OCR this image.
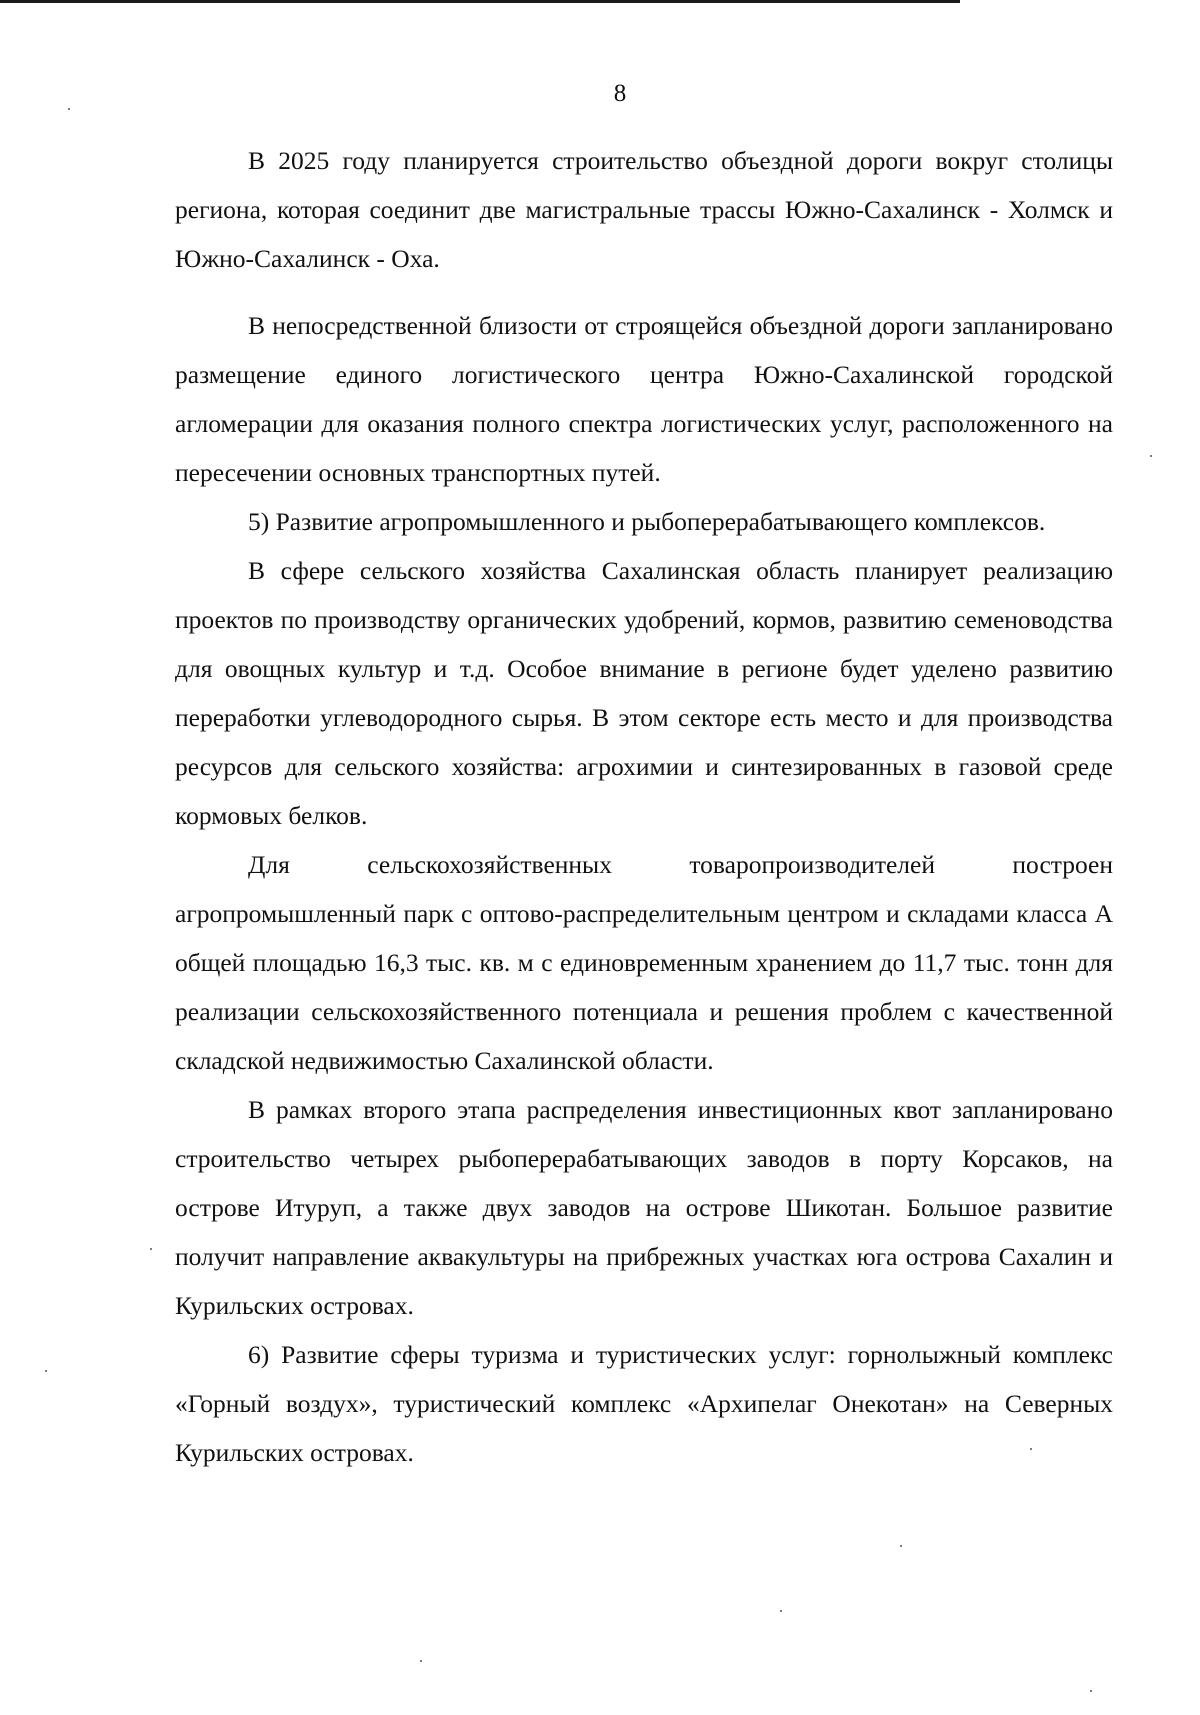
8

В 2025 году планируется строительство объездной дороги вокруг столицы региона, которая соединит две магистральные трассы Южно-Сахалинск - Холмск и Южно-Сахалинск - Оха.

В непосредственной близости от строящейся объездной дороги запланировано размещение единого логистического центра Южно-Сахалинской городской агломерации для оказания полного спектра логистических услуг, расположенного на пересечении основных транспортных путей.

5) Развитие агропромышленного и рыбоперерабатывающего комплексов.

В сфере сельского хозяйства Сахалинская область планирует реализацию проектов по производству органических удобрений, кормов, развитию семеноводства для овощных культур и т.д. Особое внимание в регионе будет уделено развитию переработки углеводородного сырья. В этом секторе есть место и для производства ресурсов для сельского хозяйства: агрохимии и синтезированных в газовой среде кормовых белков.

Для сельскохозяйственных товаропроизводителей построен агропромышленный парк с оптово-распределительным центром и складами класса А общей площадью 16,3 тыс. кв. м с единовременным хранением до 11,7 тыс. тонн для реализации сельскохозяйственного потенциала и решения проблем с качественной складской недвижимостью Сахалинской области.

В рамках второго этапа распределения инвестиционных квот запланировано строительство четырех рыбоперерабатывающих заводов в порту Корсаков, на острове Итуруп, а также двух заводов на острове Шикотан. Большое развитие получит направление аквакультуры на прибрежных участках юга острова Сахалин и Курильских островах.

6) Развитие сферы туризма и туристических услуг: горнолыжный комплекс «Горный воздух», туристический комплекс «Архипелаг Онекотан» на Северных Курильских островах.
